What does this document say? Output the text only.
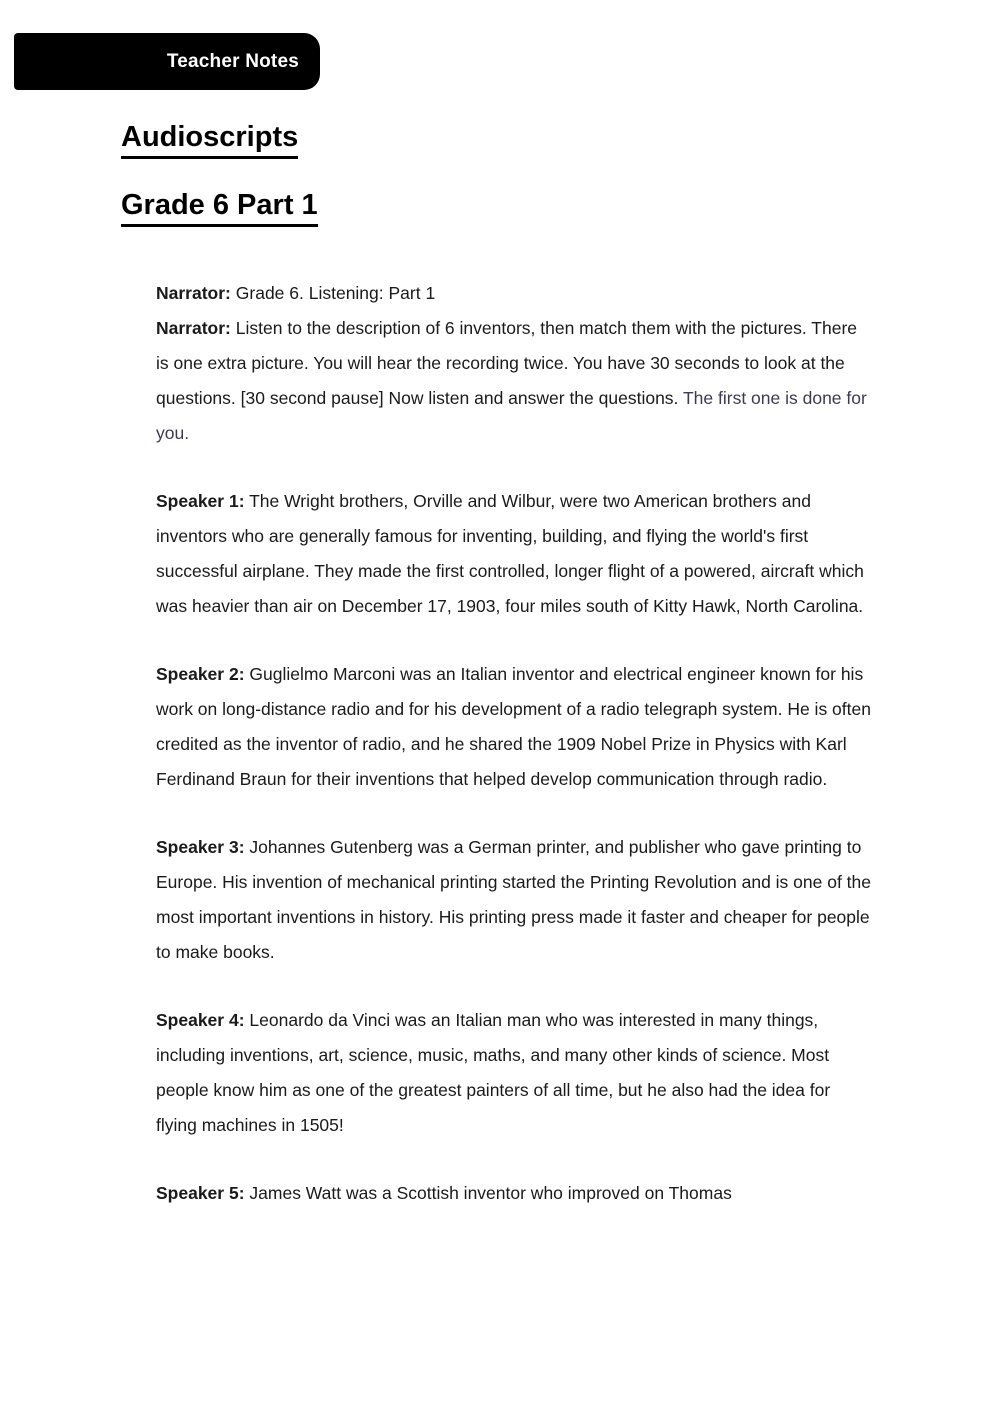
Teacher Notes
Audioscripts
Grade 6 Part 1

Narrator: Grade 6. Listening: Part 1

Narrator: Listen to the description of 6 inventors, then match them with the pictures. There is one extra picture. You will hear the recording twice. You have 30 seconds to look at the questions. [30 second pause] Now listen and answer the questions. The first one is done for you.

Speaker 1: The Wright brothers, Orville and Wilbur, were two American brothers and inventors who are generally famous for inventing, building, and flying the world's first successful airplane. They made the first controlled, longer flight of a powered, aircraft which was heavier than air on December 17, 1903, four miles south of Kitty Hawk, North Carolina.

Speaker 2: Guglielmo Marconi was an Italian inventor and electrical engineer known for his work on long-distance radio and for his development of a radio telegraph system. He is often credited as the inventor of radio, and he shared the 1909 Nobel Prize in Physics with Karl Ferdinand Braun for their inventions that helped develop communication through radio.

Speaker 3: Johannes Gutenberg was a German printer, and publisher who gave printing to Europe. His invention of mechanical printing started the Printing Revolution and is one of the most important inventions in history. His printing press made it faster and cheaper for people to make books.

Speaker 4: Leonardo da Vinci was an Italian man who was interested in many things, including inventions, art, science, music, maths, and many other kinds of science. Most people know him as one of the greatest painters of all time, but he also had the idea for flying machines in 1505!

Speaker 5: James Watt was a Scottish inventor who improved on Thomas
